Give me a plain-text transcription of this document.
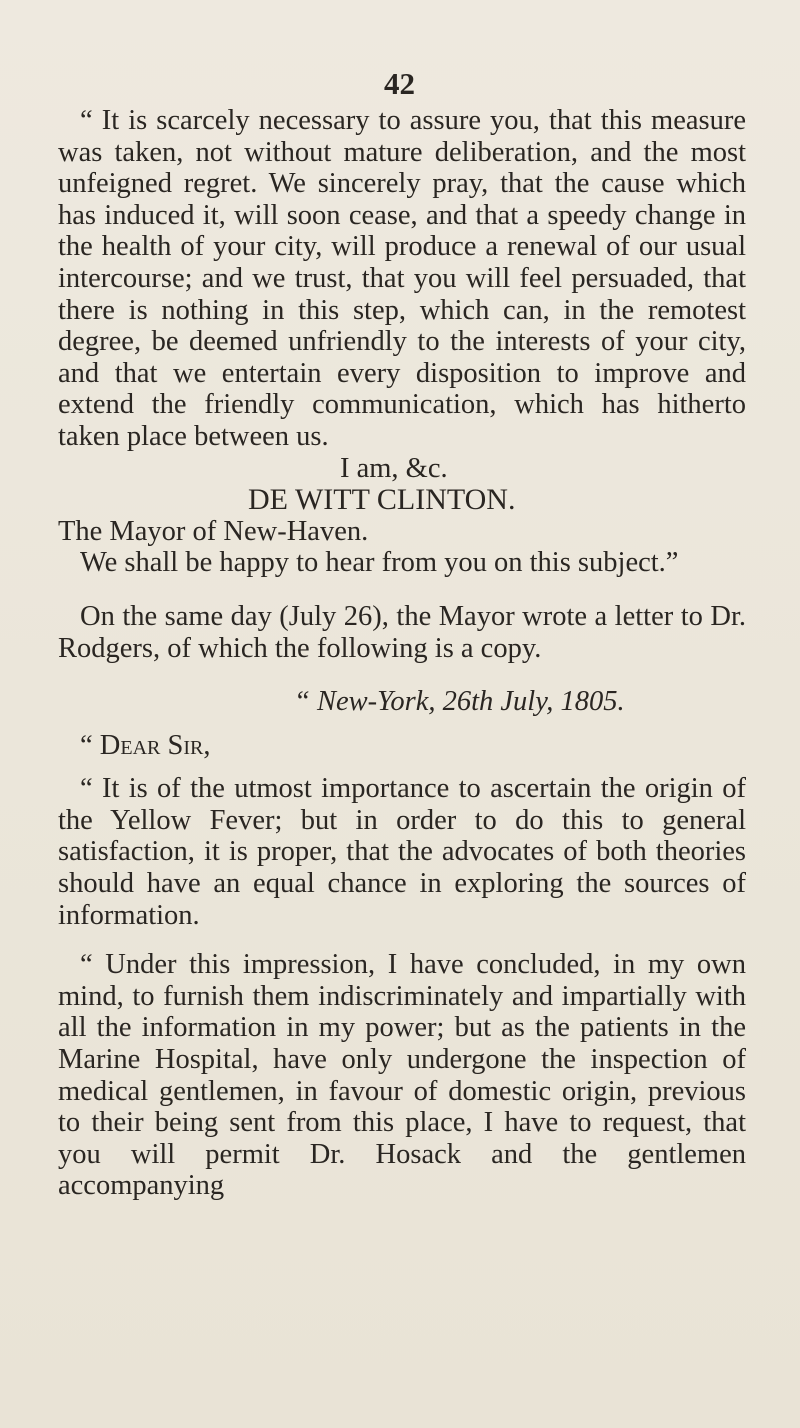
42

“ It is scarcely necessary to assure you, that this measure was taken, not without mature deliberation, and the most unfeigned regret. We sincerely pray, that the cause which has induced it, will soon cease, and that a speedy change in the health of your city, will produce a renewal of our usual intercourse; and we trust, that you will feel persuaded, that there is nothing in this step, which can, in the remotest degree, be deemed unfriendly to the interests of your city, and that we entertain every disposition to improve and extend the friendly communication, which has hitherto taken place between us.

I am, &c.

DE WITT CLINTON.

The Mayor of New-Haven.

We shall be happy to hear from you on this subject.”

On the same day (July 26), the Mayor wrote a letter to Dr. Rodgers, of which the following is a copy.

“ New-York, 26th July, 1805.

“ Dear Sir,

“ It is of the utmost importance to ascertain the origin of the Yellow Fever; but in order to do this to general satisfaction, it is proper, that the advocates of both theories should have an equal chance in exploring the sources of information.

“ Under this impression, I have concluded, in my own mind, to furnish them indiscriminately and impartially with all the information in my power; but as the patients in the Marine Hospital, have only undergone the inspection of medical gentlemen, in favour of domestic origin, previous to their being sent from this place, I have to request, that you will permit Dr. Hosack and the gentlemen accompanying
